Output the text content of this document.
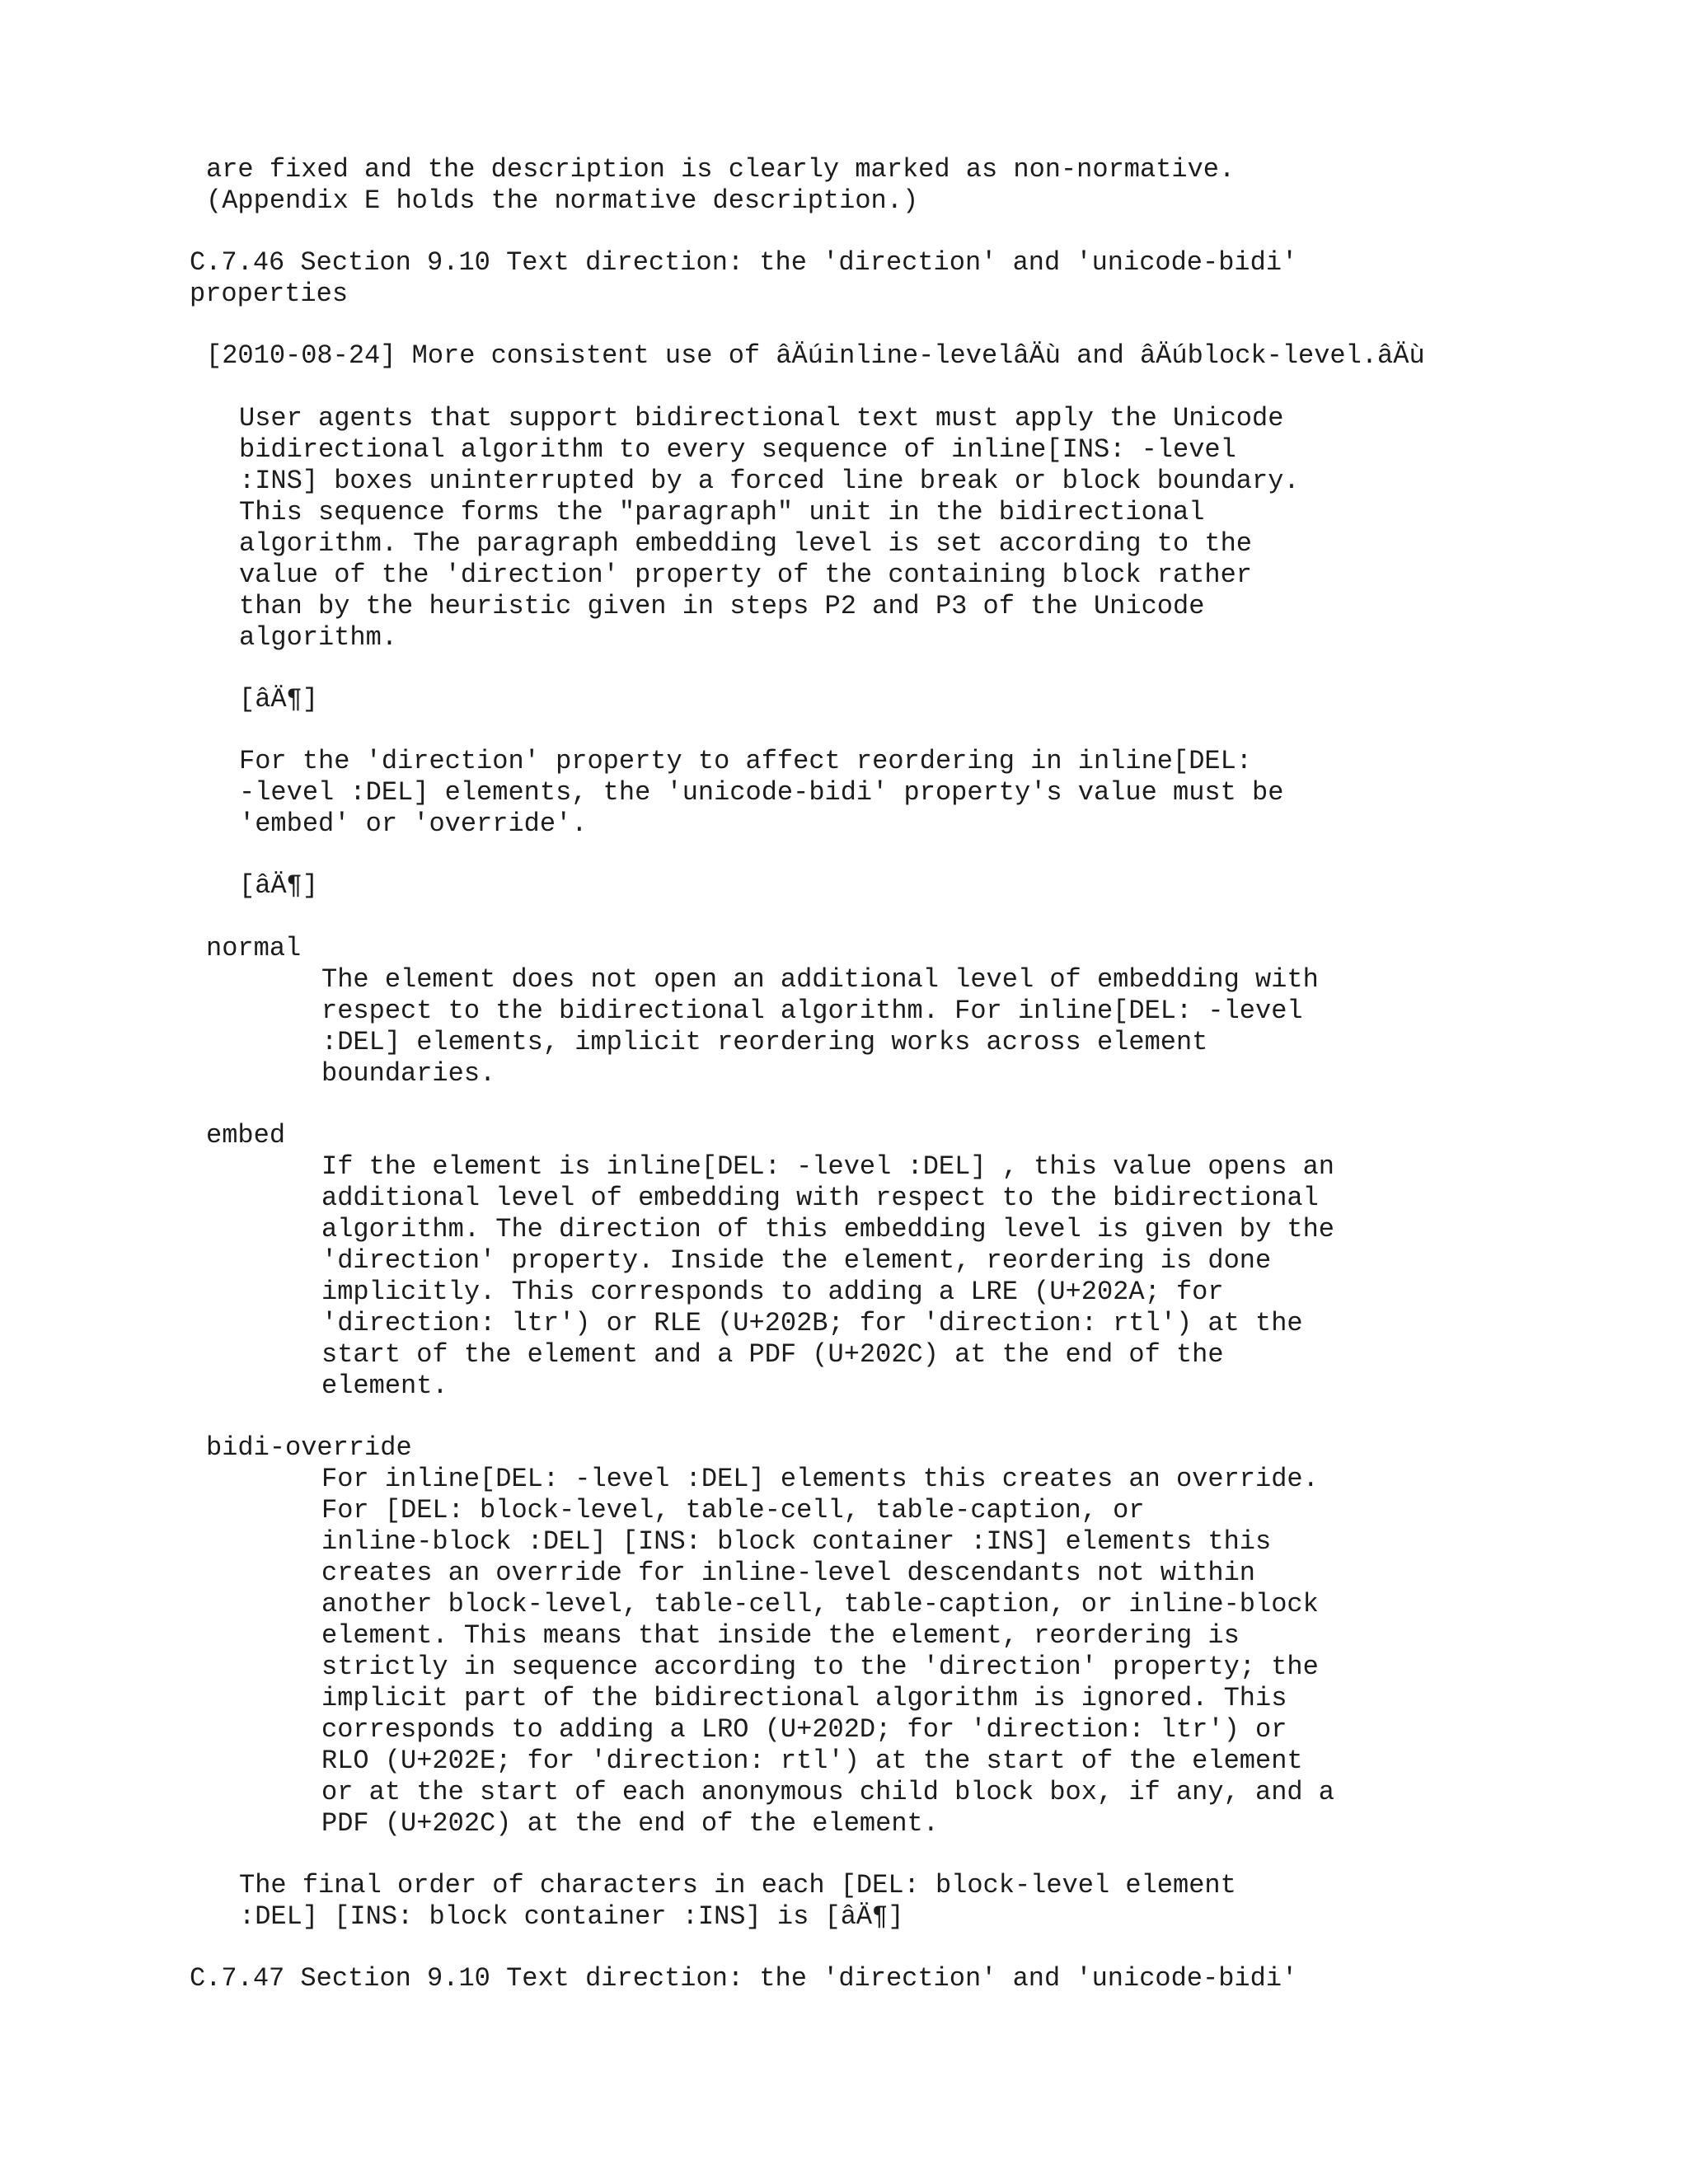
are fixed and the description is clearly marked as non-normative.

(Appendix E holds the normative description.)

C.7.46 Section 9.10 Text direction: the 'direction' and 'unicode-bidi'

properties

[2010-08-24] More consistent use of âÄúinline-levelâÄù and âÄúblock-level.âÄù

User agents that support bidirectional text must apply the Unicode

bidirectional algorithm to every sequence of inline[INS: -level

:INS] boxes uninterrupted by a forced line break or block boundary.

This sequence forms the "paragraph" unit in the bidirectional

algorithm. The paragraph embedding level is set according to the

value of the 'direction' property of the containing block rather

than by the heuristic given in steps P2 and P3 of the Unicode

algorithm.

[âÄ¶]

For the 'direction' property to affect reordering in inline[DEL:

-level :DEL] elements, the 'unicode-bidi' property's value must be

'embed' or 'override'.

[âÄ¶]

normal

The element does not open an additional level of embedding with

respect to the bidirectional algorithm. For inline[DEL: -level

:DEL] elements, implicit reordering works across element

boundaries.

embed

If the element is inline[DEL: -level :DEL] , this value opens an

additional level of embedding with respect to the bidirectional

algorithm. The direction of this embedding level is given by the

'direction' property. Inside the element, reordering is done

implicitly. This corresponds to adding a LRE (U+202A; for

'direction: ltr') or RLE (U+202B; for 'direction: rtl') at the

start of the element and a PDF (U+202C) at the end of the

element.

bidi-override

For inline[DEL: -level :DEL] elements this creates an override.

For [DEL: block-level, table-cell, table-caption, or

inline-block :DEL] [INS: block container :INS] elements this

creates an override for inline-level descendants not within

another block-level, table-cell, table-caption, or inline-block

element. This means that inside the element, reordering is

strictly in sequence according to the 'direction' property; the

implicit part of the bidirectional algorithm is ignored. This

corresponds to adding a LRO (U+202D; for 'direction: ltr') or

RLO (U+202E; for 'direction: rtl') at the start of the element

or at the start of each anonymous child block box, if any, and a

PDF (U+202C) at the end of the element.

The final order of characters in each [DEL: block-level element

:DEL] [INS: block container :INS] is [âÄ¶]

C.7.47 Section 9.10 Text direction: the 'direction' and 'unicode-bidi'
